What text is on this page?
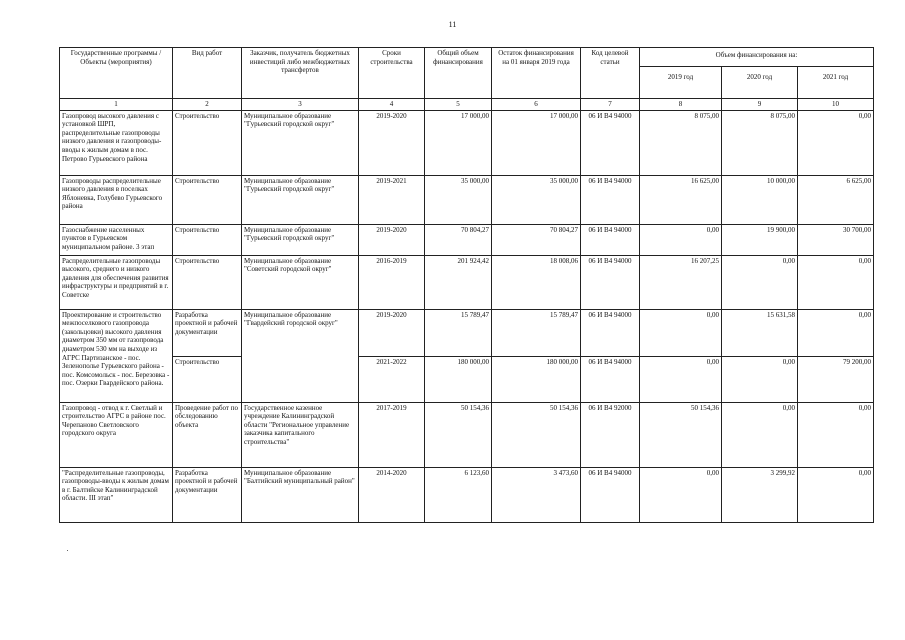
11
Государственные программы /Объекты (мероприятия)	Вид работ	Заказчик, получатель бюджетных инвестиций либо межбюджетных трансфертов	Сроки строительства	Общий объем финансирования	Остаток финансирования на 01 января 2019 года	Код целевой статьи	Объем финансирования на:		
							2019 год	2020 год	2021 год
1	2	3	4	5	6	7	8	9	10
Газопровод высокого давления с установкой ШРП, распределительные газопроводы низкого давления и газопроводы-вводы к жилым домам в пос. Петрово Гурьевского района	Строительство	Муниципальное образование "Гурьевский городской округ"	2019-2020	17 000,00	17 000,00	06 И В4 94000	8 075,00	8 075,00	0,00
Газопроводы распределительные низкого давления в поселках Яблоневка, Голубево Гурьевского района	Строительство	Муниципальное образование "Гурьевский городской округ"	2019-2021	35 000,00	35 000,00	06 И В4 94000	16 625,00	10 000,00	6 625,00
Газоснабжение населенных пунктов в Гурьевском муниципальном районе. 3 этап	Строительство	Муниципальное образование "Гурьевский городской округ"	2019-2020	70 804,27	70 804,27	06 И В4 94000	0,00	19 900,00	30 700,00
Распределительные газопроводы высокого, среднего и низкого давления для обеспечения развития инфраструктуры и предприятий в г. Советске	Строительство	Муниципальное образование "Советский городской округ"	2016-2019	201 924,42	18 008,06	06 И В4 94000	16 207,25	0,00	0,00
Проектирование и строительство межпоселкового газопровода (закольцовки) высокого давления диаметром 350 мм от газопровода диаметром 530 мм на выходе из АГРС Партизанское - пос. Зеленополье Гурьевского района - пос. Комсомольск - пос. Березовка - пос. Озерки Гвардейского района.	Разработка проектной и рабочей документации	Муниципальное образование "Гвардейский городской округ"	2019-2020	15 789,47	15 789,47	06 И В4 94000	0,00	15 631,58	0,00
	Строительство		2021-2022	180 000,00	180 000,00	06 И В4 94000	0,00	0,00	79 200,00
Газопровод - отвод к г. Светлый и строительство АГРС в районе пос. Черепаново Светловского городского округа	Проведение работ по обследованию объекта	Государственное казенное учреждение Калининградской области "Региональное управление заказчика капитального строительства"	2017-2019	50 154,36	50 154,36	06 И В4 92000	50 154,36	0,00	0,00
"Распределительные газопроводы, газопроводы-вводы к жилым домам в г. Балтийске Калининградской области. III этап"	Разработка проектной и рабочей документации	Муниципальное образование "Балтийский муниципальный район"	2014-2020	6 123,60	3 473,60	06 И В4 94000	0,00	3 299,92	0,00
